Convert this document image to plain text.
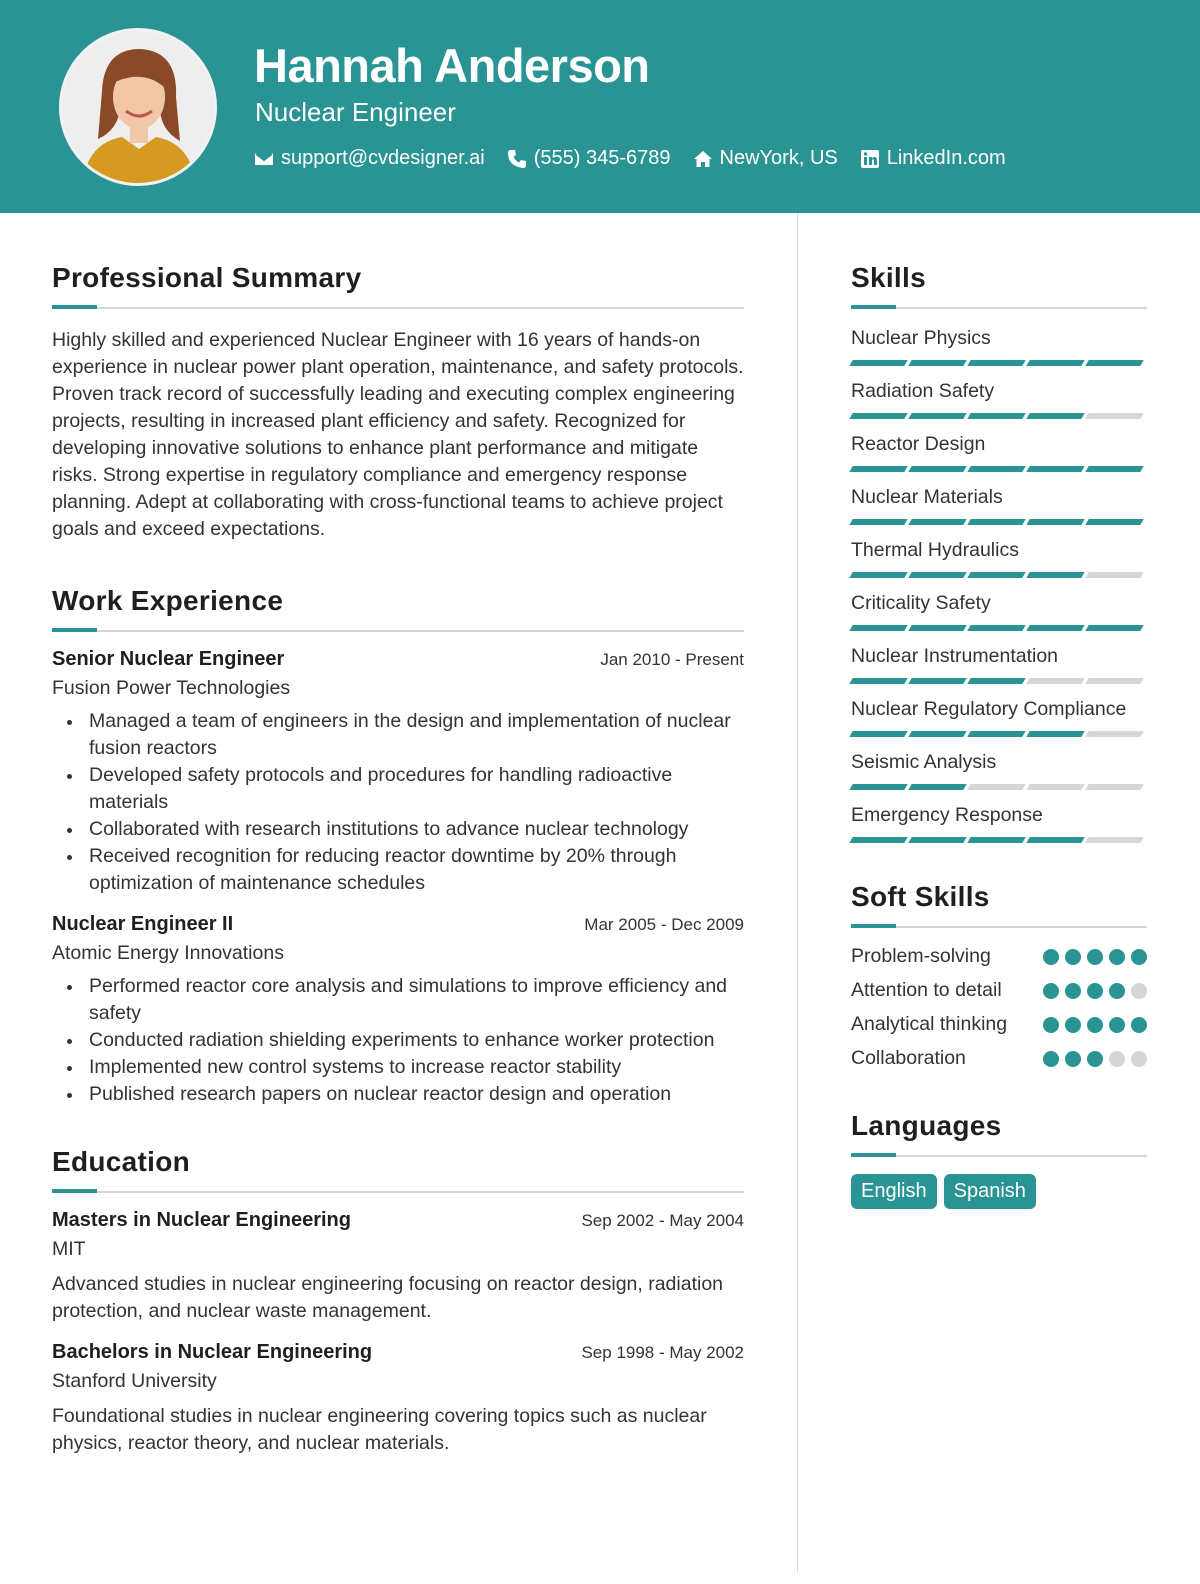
Hannah Anderson
Nuclear Engineer
support@cvdesigner.ai (555) 345-6789 NewYork, US LinkedIn.com
Professional Summary

Highly skilled and experienced Nuclear Engineer with 16 years of hands-on experience in nuclear power plant operation, maintenance, and safety protocols. Proven track record of successfully leading and executing complex engineering projects, resulting in increased plant efficiency and safety. Recognized for developing innovative solutions to enhance plant performance and mitigate risks. Strong expertise in regulatory compliance and emergency response planning. Adept at collaborating with cross-functional teams to achieve project goals and exceed expectations.

Work Experience
Senior Nuclear Engineer	Jan 2010 - Present
Fusion Power Technologies
Managed a team of engineers in the design and implementation of nuclear fusion reactors
Developed safety protocols and procedures for handling radioactive materials
Collaborated with research institutions to advance nuclear technology
Received recognition for reducing reactor downtime by 20% through optimization of maintenance schedules
Nuclear Engineer II	Mar 2005 - Dec 2009
Atomic Energy Innovations
Performed reactor core analysis and simulations to improve efficiency and safety
Conducted radiation shielding experiments to enhance worker protection
Implemented new control systems to increase reactor stability
Published research papers on nuclear reactor design and operation
Education
Masters in Nuclear Engineering	Sep 2002 - May 2004
MIT

Advanced studies in nuclear engineering focusing on reactor design, radiation protection, and nuclear waste management.

Bachelors in Nuclear Engineering	Sep 1998 - May 2002
Stanford University

Foundational studies in nuclear engineering covering topics such as nuclear physics, reactor theory, and nuclear materials.

Skills
Nuclear Physics
Radiation Safety
Reactor Design
Nuclear Materials
Thermal Hydraulics
Criticality Safety
Nuclear Instrumentation
Nuclear Regulatory Compliance
Seismic Analysis
Emergency Response
Soft Skills
Problem-solving
Attention to detail
Analytical thinking
Collaboration
Languages
English	Spanish
